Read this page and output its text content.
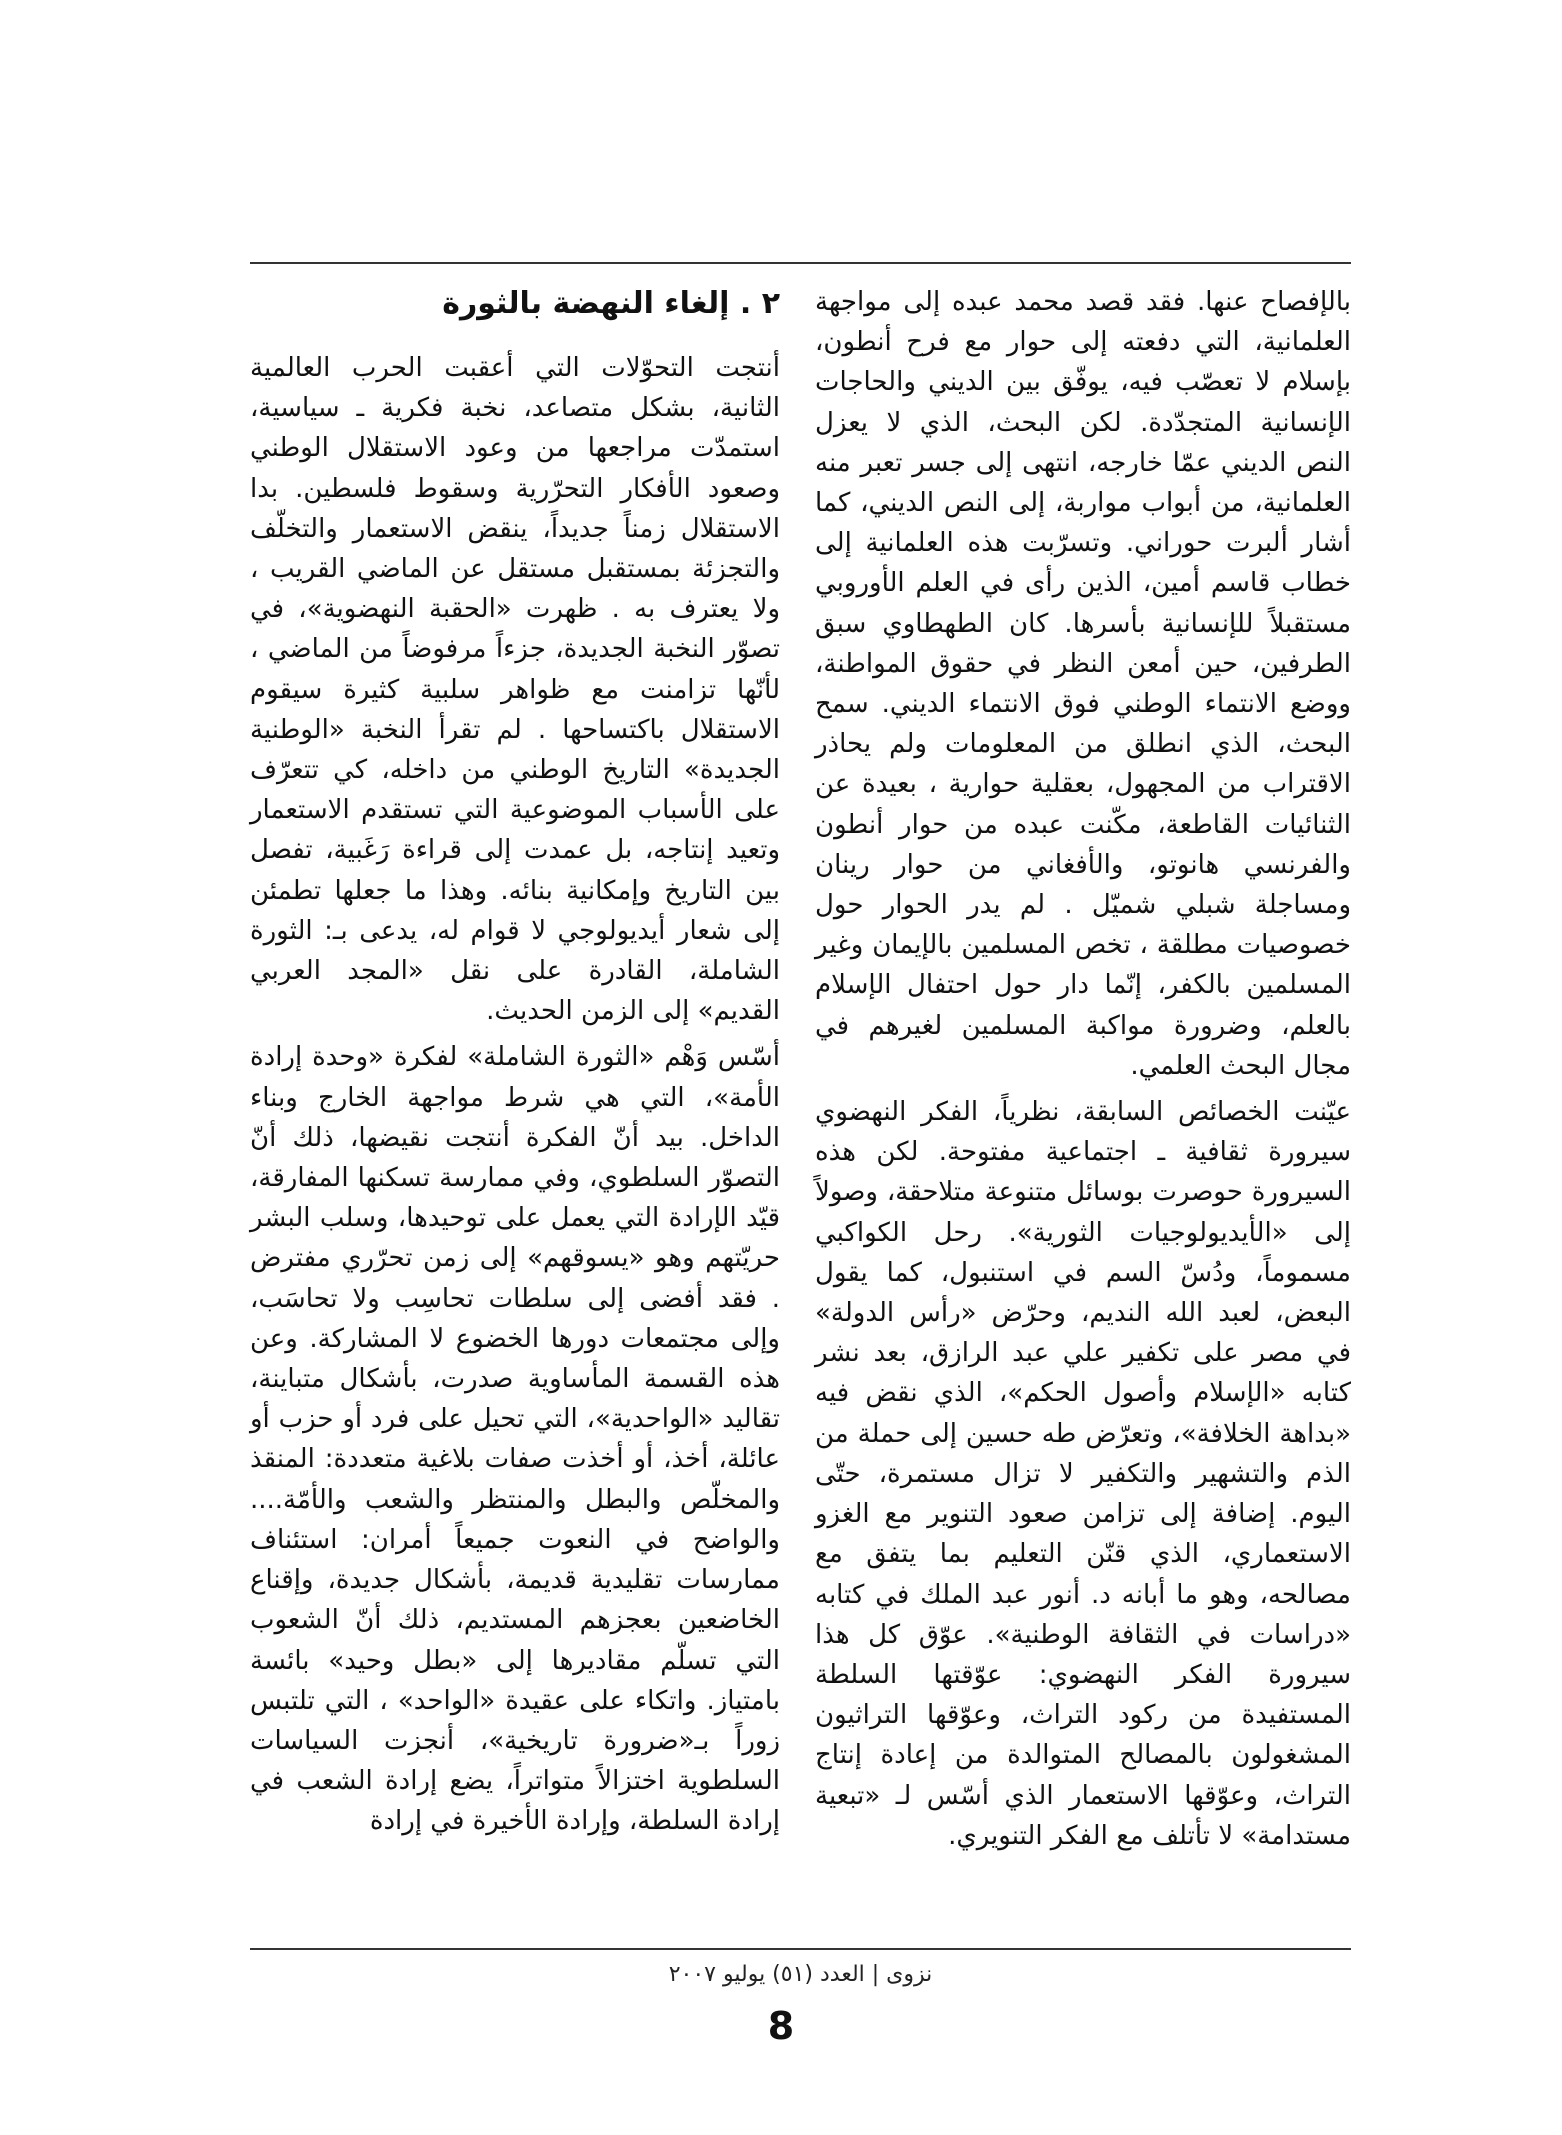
بالإفصاح عنها. فقد قصد محمد عبده إلى مواجهة العلمانية، التي دفعته إلى حوار مع فرح أنطون، بإسلام لا تعصّب فيه، يوفّق بين الديني والحاجات الإنسانية المتجدّدة. لكن البحث، الذي لا يعزل النص الديني عمّا خارجه، انتهى إلى جسر تعبر منه العلمانية، من أبواب مواربة، إلى النص الديني، كما أشار ألبرت حوراني. وتسرّبت هذه العلمانية إلى خطاب قاسم أمين، الذين رأى في العلم الأوروبي مستقبلاً للإنسانية بأسرها. كان الطهطاوي سبق الطرفين، حين أمعن النظر في حقوق المواطنة، ووضع الانتماء الوطني فوق الانتماء الديني. سمح البحث، الذي انطلق من المعلومات ولم يحاذر الاقتراب من المجهول، بعقلية حوارية ، بعيدة عن الثنائيات القاطعة، مكّنت عبده من حوار أنطون والفرنسي هانوتو، والأفغاني من حوار رينان ومساجلة شبلي شميّل . لم يدر الحوار حول خصوصيات مطلقة ، تخص المسلمين بالإيمان وغير المسلمين بالكفر، إنّما دار حول احتفال الإسلام بالعلم، وضرورة مواكبة المسلمين لغيرهم في مجال البحث العلمي.

عيّنت الخصائص السابقة، نظرياً، الفكر النهضوي سيرورة ثقافية ـ اجتماعية مفتوحة. لكن هذه السيرورة حوصرت بوسائل متنوعة متلاحقة، وصولاً إلى «الأيديولوجيات الثورية». رحل الكواكبي مسموماً، ودُسّ السم في استنبول، كما يقول البعض، لعبد الله النديم، وحرّض «رأس الدولة» في مصر على تكفير علي عبد الرازق، بعد نشر كتابه «الإسلام وأصول الحكم»، الذي نقض فيه «بداهة الخلافة»، وتعرّض طه حسين إلى حملة من الذم والتشهير والتكفير لا تزال مستمرة، حتّى اليوم. إضافة إلى تزامن صعود التنوير مع الغزو الاستعماري، الذي قنّن التعليم بما يتفق مع مصالحه، وهو ما أبانه د. أنور عبد الملك في كتابه «دراسات في الثقافة الوطنية». عوّق كل هذا سيرورة الفكر النهضوي: عوّقتها السلطة المستفيدة من ركود التراث، وعوّقها التراثيون المشغولون بالمصالح المتوالدة من إعادة إنتاج التراث، وعوّقها الاستعمار الذي أسّس لـ «تبعية مستدامة» لا تأتلف مع الفكر التنويري.

٢ . إلغاء النهضة بالثورة

أنتجت التحوّلات التي أعقبت الحرب العالمية الثانية، بشكل متصاعد، نخبة فكرية ـ سياسية، استمدّت مراجعها من وعود الاستقلال الوطني وصعود الأفكار التحرّرية وسقوط فلسطين. بدا الاستقلال زمناً جديداً، ينقض الاستعمار والتخلّف والتجزئة بمستقبل مستقل عن الماضي القريب ، ولا يعترف به . ظهرت «الحقبة النهضوية»، في تصوّر النخبة الجديدة، جزءاً مرفوضاً من الماضي ، لأنّها تزامنت مع ظواهر سلبية كثيرة سيقوم الاستقلال باكتساحها . لم تقرأ النخبة «الوطنية الجديدة» التاريخ الوطني من داخله، كي تتعرّف على الأسباب الموضوعية التي تستقدم الاستعمار وتعيد إنتاجه، بل عمدت إلى قراءة رَغَبية، تفصل بين التاريخ وإمكانية بنائه. وهذا ما جعلها تطمئن إلى شعار أيديولوجي لا قوام له، يدعى بـ: الثورة الشاملة، القادرة على نقل «المجد العربي القديم» إلى الزمن الحديث.

أسّس وَهْم «الثورة الشاملة» لفكرة «وحدة إرادة الأمة»، التي هي شرط مواجهة الخارج وبناء الداخل. بيد أنّ الفكرة أنتجت نقيضها، ذلك أنّ التصوّر السلطوي، وفي ممارسة تسكنها المفارقة، قيّد الإرادة التي يعمل على توحيدها، وسلب البشر حريّتهم وهو «يسوقهم» إلى زمن تحرّري مفترض . فقد أفضى إلى سلطات تحاسِب ولا تحاسَب، وإلى مجتمعات دورها الخضوع لا المشاركة. وعن هذه القسمة المأساوية صدرت، بأشكال متباينة، تقاليد «الواحدية»، التي تحيل على فرد أو حزب أو عائلة، أخذ، أو أخذت صفات بلاغية متعددة: المنقذ والمخلّص والبطل والمنتظر والشعب والأمّة.... والواضح في النعوت جميعاً أمران: استئناف ممارسات تقليدية قديمة، بأشكال جديدة، وإقناع الخاضعين بعجزهم المستديم، ذلك أنّ الشعوب التي تسلّم مقاديرها إلى «بطل وحيد» بائسة بامتياز. واتكاء على عقيدة «الواحد» ، التي تلتبس زوراً بـ«ضرورة تاريخية»، أنجزت السياسات السلطوية اختزالاً متواتراً، يضع إرادة الشعب في إرادة السلطة، وإرادة الأخيرة في إرادة

نزوى | العدد (٥١) يوليو ٢٠٠٧
8
